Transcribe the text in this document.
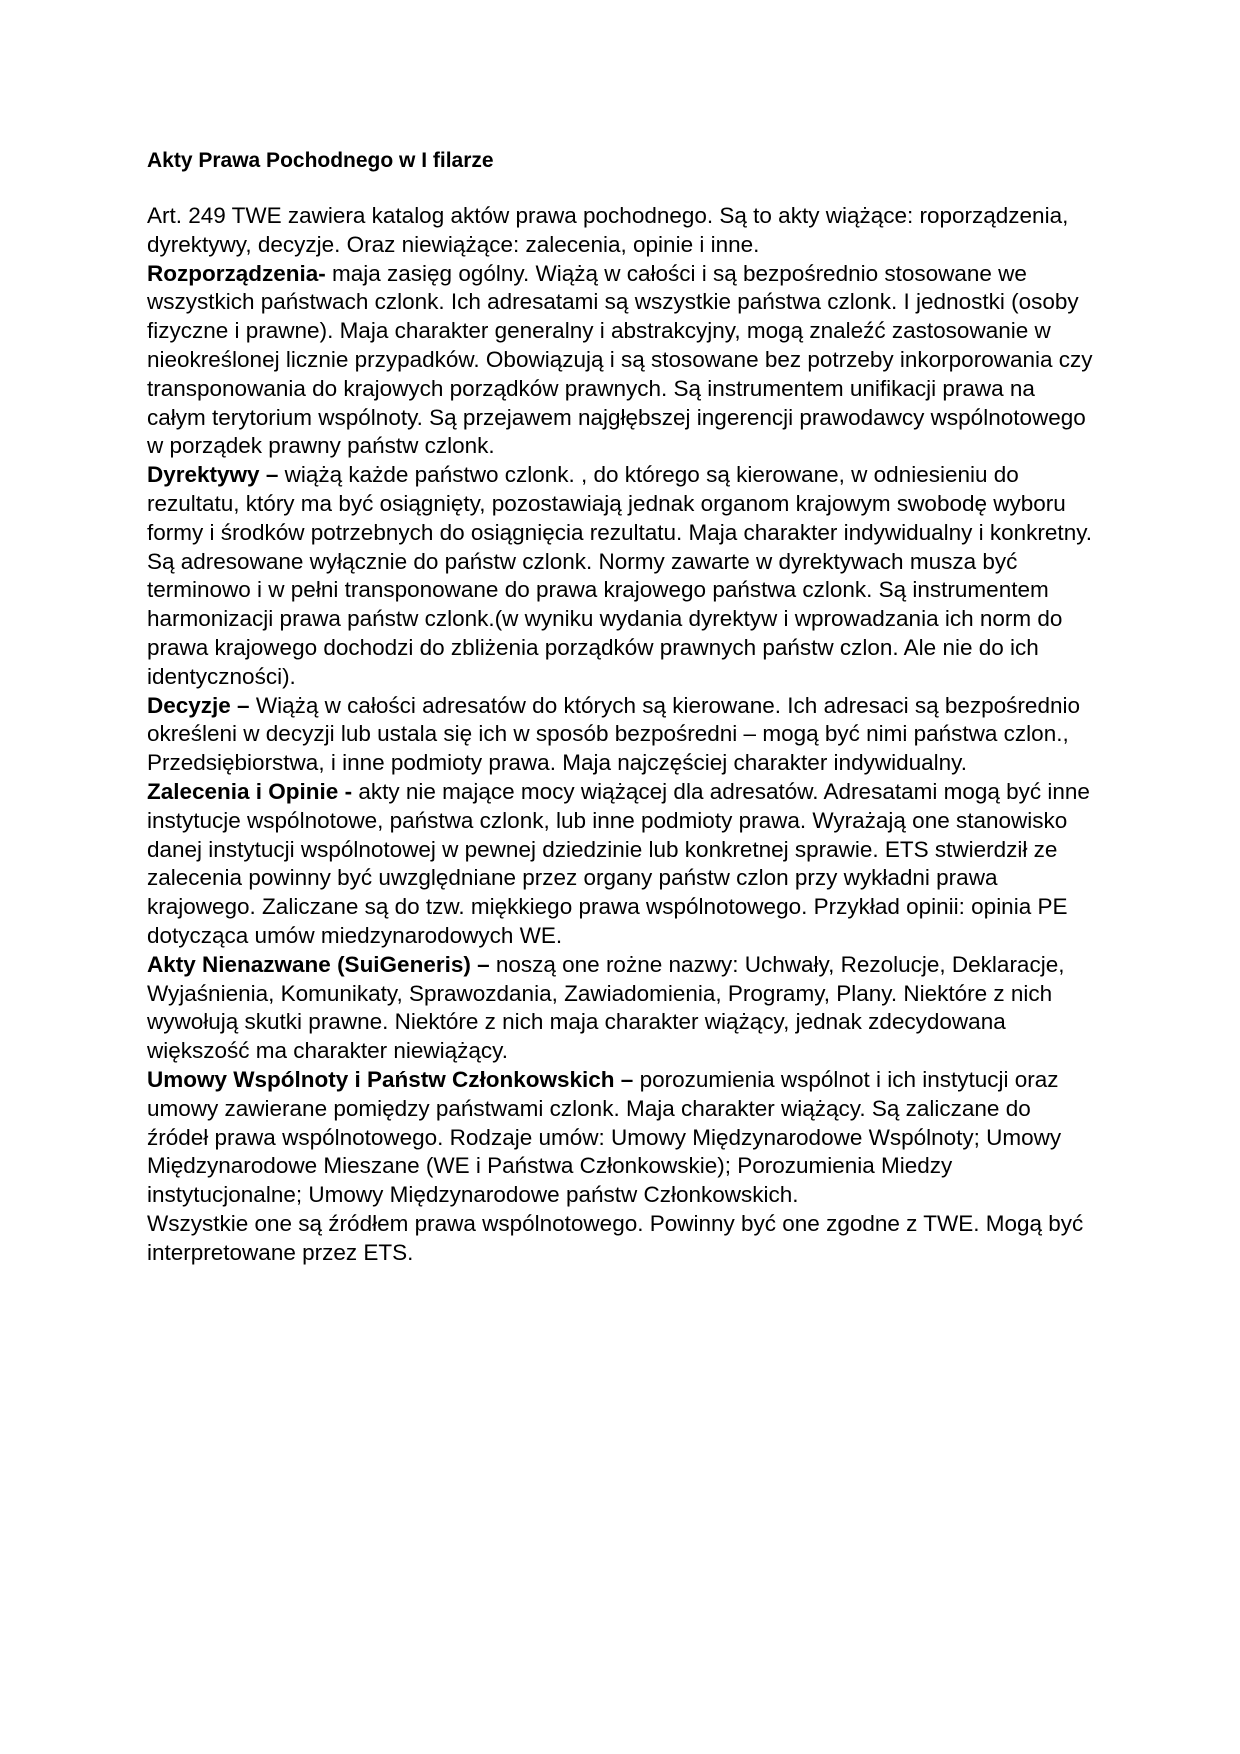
Akty Prawa Pochodnego w I filarze

Art. 249 TWE zawiera katalog aktów prawa pochodnego. Są to akty wiążące: roporządzenia, dyrektywy, decyzje. Oraz niewiążące: zalecenia, opinie i inne.

Rozporządzenia- maja zasięg ogólny. Wiążą w całości i są bezpośrednio stosowane we wszystkich państwach czlonk. Ich adresatami są wszystkie państwa czlonk. I jednostki (osoby fizyczne i prawne). Maja charakter generalny i abstrakcyjny, mogą znaleźć zastosowanie w nieokreślonej licznie przypadków. Obowiązują i są stosowane bez potrzeby inkorporowania czy transponowania do krajowych porządków prawnych. Są instrumentem unifikacji prawa na całym terytorium wspólnoty. Są przejawem najgłębszej ingerencji prawodawcy wspólnotowego w porządek prawny państw czlonk.

Dyrektywy – wiążą każde państwo czlonk. , do którego są kierowane, w odniesieniu do rezultatu, który ma być osiągnięty, pozostawiają jednak organom krajowym swobodę wyboru formy i środków potrzebnych do osiągnięcia rezultatu. Maja charakter indywidualny i konkretny. Są adresowane wyłącznie do państw czlonk. Normy zawarte w dyrektywach musza być terminowo i w pełni transponowane do prawa krajowego państwa czlonk. Są instrumentem harmonizacji prawa państw czlonk.(w wyniku wydania dyrektyw i wprowadzania ich norm do prawa krajowego dochodzi do zbliżenia porządków prawnych państw czlon. Ale nie do ich identyczności).

Decyzje – Wiążą w całości adresatów do których są kierowane. Ich adresaci są bezpośrednio określeni w decyzji lub ustala się ich w sposób bezpośredni – mogą być nimi państwa czlon., Przedsiębiorstwa, i inne podmioty prawa. Maja najczęściej charakter indywidualny.

Zalecenia i Opinie - akty nie mające mocy wiążącej dla adresatów. Adresatami mogą być inne instytucje wspólnotowe, państwa czlonk, lub inne podmioty prawa. Wyrażają one stanowisko danej instytucji wspólnotowej w pewnej dziedzinie lub konkretnej sprawie. ETS stwierdził ze zalecenia powinny być uwzględniane przez organy państw czlon przy wykładni prawa krajowego. Zaliczane są do tzw. miękkiego prawa wspólnotowego. Przykład opinii: opinia PE dotycząca umów miedzynarodowych WE.

Akty Nienazwane (SuiGeneris) – noszą one rożne nazwy: Uchwały, Rezolucje, Deklaracje, Wyjaśnienia, Komunikaty, Sprawozdania, Zawiadomienia, Programy, Plany. Niektóre z nich wywołują skutki prawne. Niektóre z nich maja charakter wiążący, jednak zdecydowana większość ma charakter niewiążący.

Umowy Wspólnoty i Państw Członkowskich – porozumienia wspólnot i ich instytucji oraz umowy zawierane pomiędzy państwami czlonk. Maja charakter wiążący. Są zaliczane do źródeł prawa wspólnotowego. Rodzaje umów: Umowy Międzynarodowe Wspólnoty; Umowy Międzynarodowe Mieszane (WE i Państwa Członkowskie); Porozumienia Miedzy instytucjonalne; Umowy Międzynarodowe państw Członkowskich.

Wszystkie one są źródłem prawa wspólnotowego. Powinny być one zgodne z TWE. Mogą być interpretowane przez ETS.
